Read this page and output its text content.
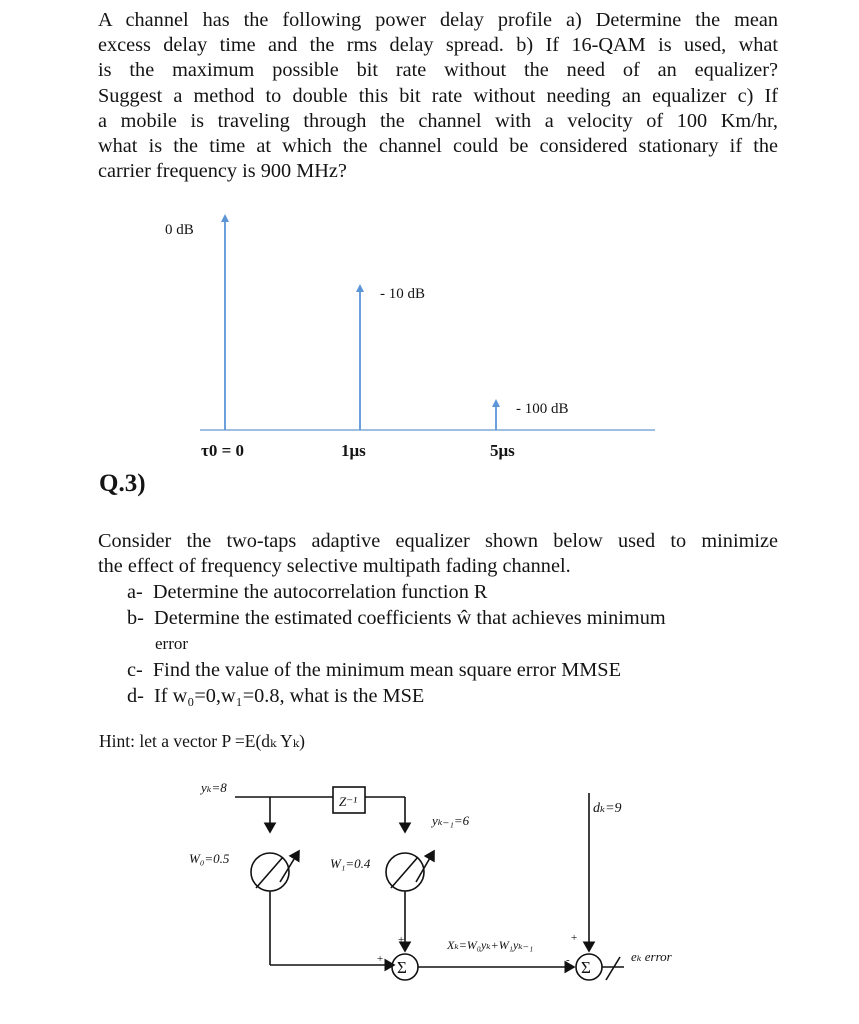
A channel has the following power delay profile a) Determine the mean
excess delay time and the rms delay spread. b) If 16-QAM is used, what
is the maximum possible bit rate without the need of an equalizer?
Suggest a method to double this bit rate without needing an equalizer c) If
a mobile is traveling through the channel with a velocity of 100 Km/hr,
what is the time at which the channel could be considered stationary if the
carrier frequency is 900 MHz?
0 dB
τ0 = 0
- 10 dB
1μs
- 100 dB
5μs
Q.3)
Consider the two-taps adaptive equalizer shown below used to minimize
the effect of frequency selective multipath fading channel.
a- Determine the autocorrelation function R
b- Determine the estimated coefficients ŵ that achieves minimum
error
c- Find the value of the minimum mean square error MMSE
d- If w₀=0,w₁=0.8, what is the MSE
Hint: let a vector P =E(dₖ Yₖ)
yₖ=8
Z⁻¹
yₖ₋₁=6
dₖ=9
W₀=0.5	W₁=0.4
Xₖ=W₀yₖ+W₁yₖ₋₁
eₖ error
Σ	Σ
+
+
+
-
